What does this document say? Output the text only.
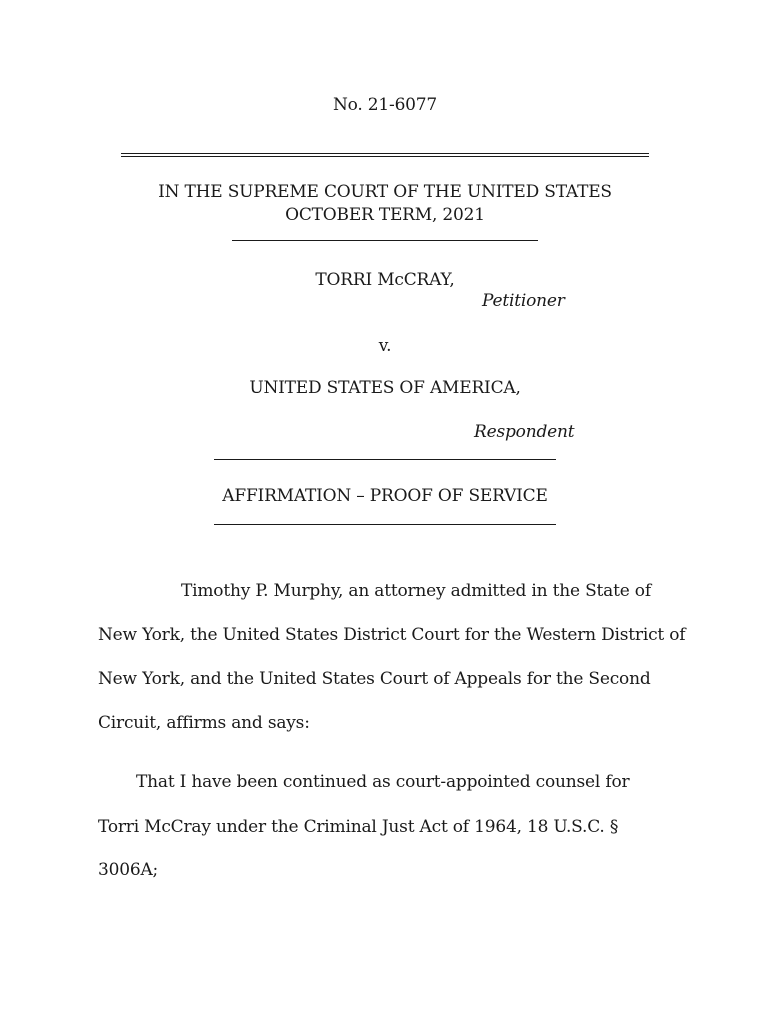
No. 21-6077
IN THE SUPREME COURT OF THE UNITED STATES
OCTOBER TERM, 2021
TORRI McCRAY,
Petitioner
v.
UNITED STATES OF AMERICA,
Respondent
AFFIRMATION – PROOF OF SERVICE
Timothy P. Murphy, an attorney admitted in the State of
New York, the United States District Court for the Western District of
New York, and the United States Court of Appeals for the Second
Circuit, affirms and says:
That I have been continued as court-appointed counsel for
Torri McCray under the Criminal Just Act of 1964, 18 U.S.C. §
3006A;
